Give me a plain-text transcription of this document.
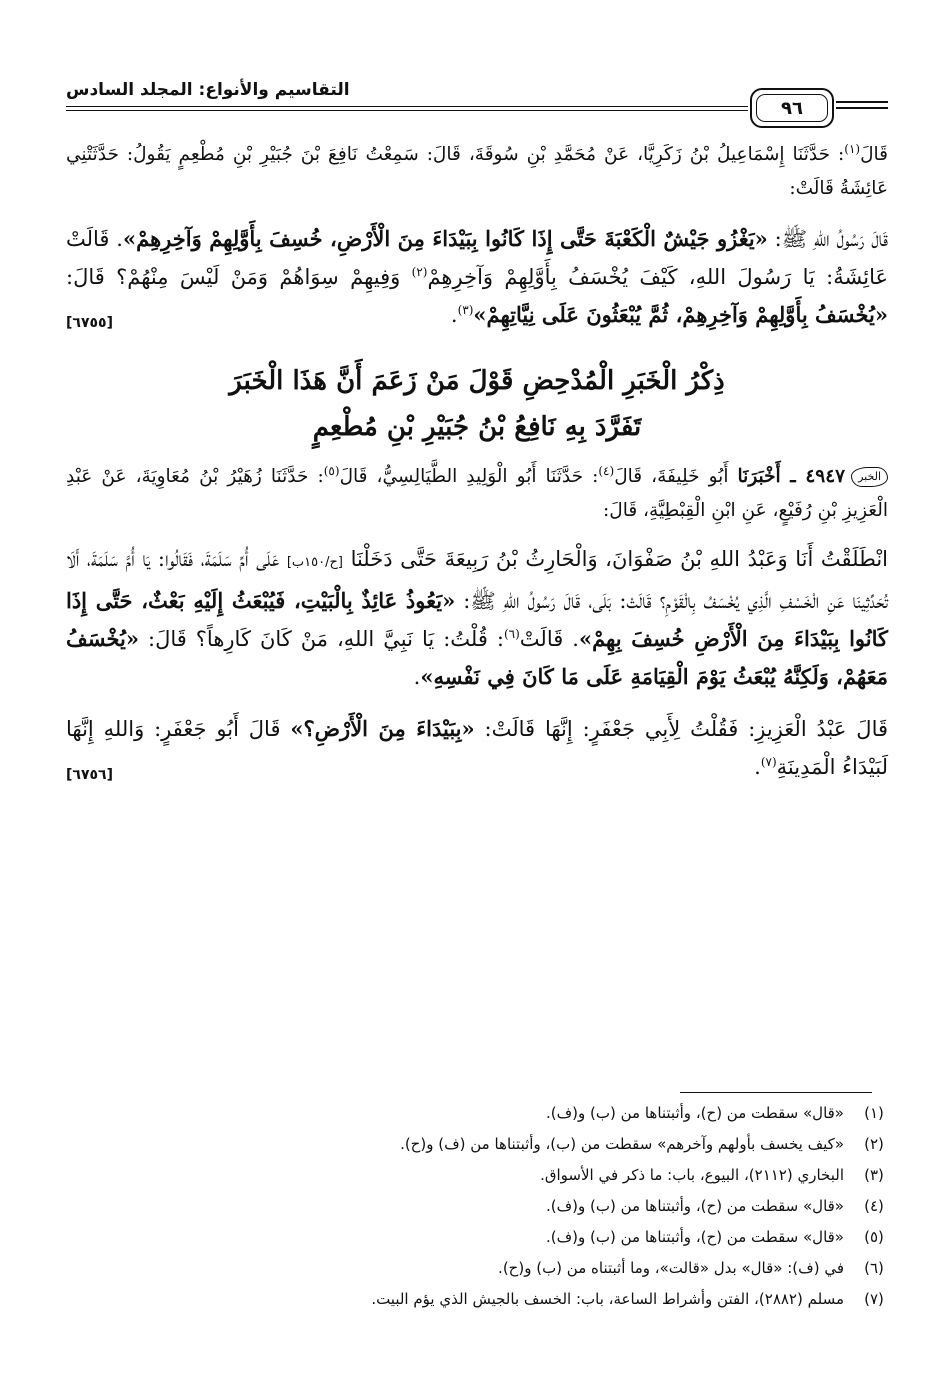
التقاسيم والأنواع: المجلد السادس
٩٦

قَالَ$^{(١)}$: حَدَّثَنَا إِسْمَاعِيلُ بْنُ زَكَرِيَّا، عَنْ مُحَمَّدِ بْنِ سُوقَةَ، قَالَ: سَمِعْتُ نَافِعَ بْنَ جُبَيْرِ بْنِ مُطْعِمٍ يَقُولُ: حَدَّثَتْنِي عَائِشَةُ قَالَتْ:

قَالَ رَسُولُ اللهِ ﷺ: «يَغْزُو جَيْشٌ الْكَعْبَةَ حَتَّى إِذَا كَانُوا بِبَيْدَاءَ مِنَ الْأَرْضِ، خُسِفَ بِأَوَّلِهِمْ وَآخِرِهِمْ». قَالَتْ عَائِشَةُ: يَا رَسُولَ اللهِ، كَيْفَ يُخْسَفُ بِأَوَّلِهِمْ وَآخِرِهِمْ$^{(٢)}$ وَفِيهِمْ سِوَاهُمْ وَمَنْ لَيْسَ مِنْهُمْ؟ قَالَ: «يُخْسَفُ بِأَوَّلِهِمْ وَآخِرِهِمْ، ثُمَّ يُبْعَثُونَ عَلَى نِيَّاتِهِمْ»$^{(٣)}$.
[٦٧٥٥]

ذِكْرُ الْخَبَرِ الْمُدْحِضِ قَوْلَ مَنْ زَعَمَ أَنَّ هَذَا الْخَبَرَ

تَفَرَّدَ بِهِ نَافِعُ بْنُ جُبَيْرِ بْنِ مُطْعِمٍ

الخبر٤٩٤٧ ـ أَخْبَرَنَا أَبُو خَلِيفَةَ، قَالَ$^{(٤)}$: حَدَّثَنَا أَبُو الْوَلِيدِ الطَّيَالِسِيُّ، قَالَ$^{(٥)}$: حَدَّثَنَا زُهَيْرُ بْنُ مُعَاوِيَةَ، عَنْ عَبْدِ الْعَزِيزِ بْنِ رُفَيْعٍ، عَنِ ابْنِ الْقِبْطِيَّةِ، قَالَ:

انْطَلَقْتُ أَنَا وَعَبْدُ اللهِ بْنُ صَفْوَانَ، وَالْحَارِثُ بْنُ رَبِيعَةَ حَتَّى دَخَلْنَا [ح/١٥٠ب] عَلَى أُمِّ سَلَمَةَ، فَقَالُوا: يَا أُمَّ سَلَمَةَ، أَلَا تُحَدِّثِينَا عَنِ الْخَسْفِ الَّذِي يُخْسَفُ بِالْقَوْمِ؟ قَالَتْ: بَلَى، قَالَ رَسُولُ اللهِ ﷺ: «يَعُوذُ عَائِذٌ بِالْبَيْتِ، فَيُبْعَثُ إِلَيْهِ بَعْثٌ، حَتَّى إِذَا كَانُوا بِبَيْدَاءَ مِنَ الْأَرْضِ خُسِفَ بِهِمْ». قَالَتْ$^{(٦)}$: قُلْتُ: يَا نَبِيَّ اللهِ، مَنْ كَانَ كَارِهاً؟ قَالَ: «يُخْسَفُ مَعَهُمْ، وَلَكِنَّهُ يُبْعَثُ يَوْمَ الْقِيَامَةِ عَلَى مَا كَانَ فِي نَفْسِهِ».

قَالَ عَبْدُ الْعَزِيزِ: فَقُلْتُ لِأَبِي جَعْفَرٍ: إِنَّهَا قَالَتْ: «بِبَيْدَاءَ مِنَ الْأَرْضِ؟» قَالَ أَبُو جَعْفَرٍ: وَاللهِ إِنَّهَا لَبَيْدَاءُ الْمَدِينَةِ$^{(٧)}$.
[٦٧٥٦]

(١)
«قال» سقطت من (ح)، وأثبتناها من (ب) و(ف).
(٢)
«كيف يخسف بأولهم وآخرهم» سقطت من (ب)، وأثبتناها من (ف) و(ح).
(٣)
البخاري (٢١١٢)، البيوع، باب: ما ذكر في الأسواق.
(٤)
«قال» سقطت من (ح)، وأثبتناها من (ب) و(ف).
(٥)
«قال» سقطت من (ح)، وأثبتناها من (ب) و(ف).
(٦)
في (ف): «قال» بدل «قالت»، وما أثبتناه من (ب) و(ح).
(٧)
مسلم (٢٨٨٢)، الفتن وأشراط الساعة، باب: الخسف بالجيش الذي يؤم البيت.
